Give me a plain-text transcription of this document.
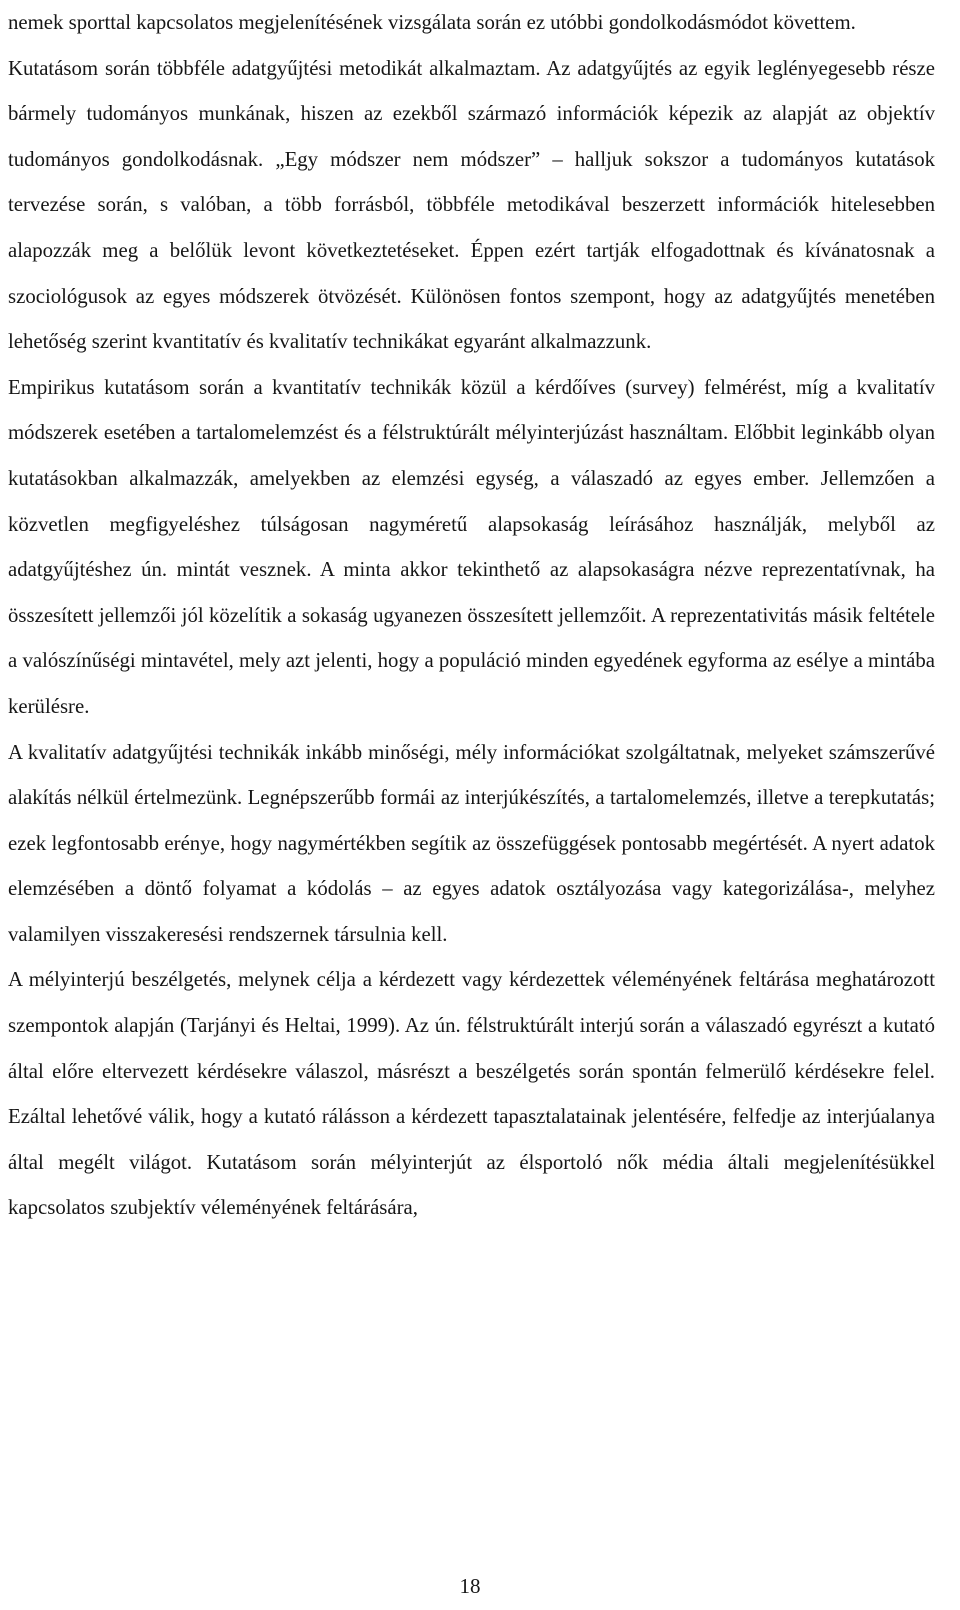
nemek sporttal kapcsolatos megjelenítésének vizsgálata során ez utóbbi gondolkodásmódot követtem.

Kutatásom során többféle adatgyűjtési metodikát alkalmaztam. Az adatgyűjtés az egyik leglényegesebb része bármely tudományos munkának, hiszen az ezekből származó információk képezik az alapját az objektív tudományos gondolkodásnak. „Egy módszer nem módszer” – halljuk sokszor a tudományos kutatások tervezése során, s valóban, a több forrásból, többféle metodikával beszerzett információk hitelesebben alapozzák meg a belőlük levont következtetéseket. Éppen ezért tartják elfogadottnak és kívánatosnak a szociológusok az egyes módszerek ötvözését. Különösen fontos szempont, hogy az adatgyűjtés menetében lehetőség szerint kvantitatív és kvalitatív technikákat egyaránt alkalmazzunk.

Empirikus kutatásom során a kvantitatív technikák közül a kérdőíves (survey) felmérést, míg a kvalitatív módszerek esetében a tartalomelemzést és a félstruktúrált mélyinterjúzást használtam. Előbbit leginkább olyan kutatásokban alkalmazzák, amelyekben az elemzési egység, a válaszadó az egyes ember. Jellemzően a közvetlen megfigyeléshez túlságosan nagyméretű alapsokaság leírásához használják, melyből az adatgyűjtéshez ún. mintát vesznek. A minta akkor tekinthető az alapsokaságra nézve reprezentatívnak, ha összesített jellemzői jól közelítik a sokaság ugyanezen összesített jellemzőit. A reprezentativitás másik feltétele a valószínűségi mintavétel, mely azt jelenti, hogy a populáció minden egyedének egyforma az esélye a mintába kerülésre.

A kvalitatív adatgyűjtési technikák inkább minőségi, mély információkat szolgáltatnak, melyeket számszerűvé alakítás nélkül értelmezünk. Legnépszerűbb formái az interjúkészítés, a tartalomelemzés, illetve a terepkutatás; ezek legfontosabb erénye, hogy nagymértékben segítik az összefüggések pontosabb megértését. A nyert adatok elemzésében a döntő folyamat a kódolás – az egyes adatok osztályozása vagy kategorizálása-, melyhez valamilyen visszakeresési rendszernek társulnia kell.

A mélyinterjú beszélgetés, melynek célja a kérdezett vagy kérdezettek véleményének feltárása meghatározott szempontok alapján (Tarjányi és Heltai, 1999). Az ún. félstruktúrált interjú során a válaszadó egyrészt a kutató által előre eltervezett kérdésekre válaszol, másrészt a beszélgetés során spontán felmerülő kérdésekre felel. Ezáltal lehetővé válik, hogy a kutató rálásson a kérdezett tapasztalatainak jelentésére, felfedje az interjúalanya által megélt világot. Kutatásom során mélyinterjút az élsportoló nők média általi megjelenítésükkel kapcsolatos szubjektív véleményének feltárására,

18
